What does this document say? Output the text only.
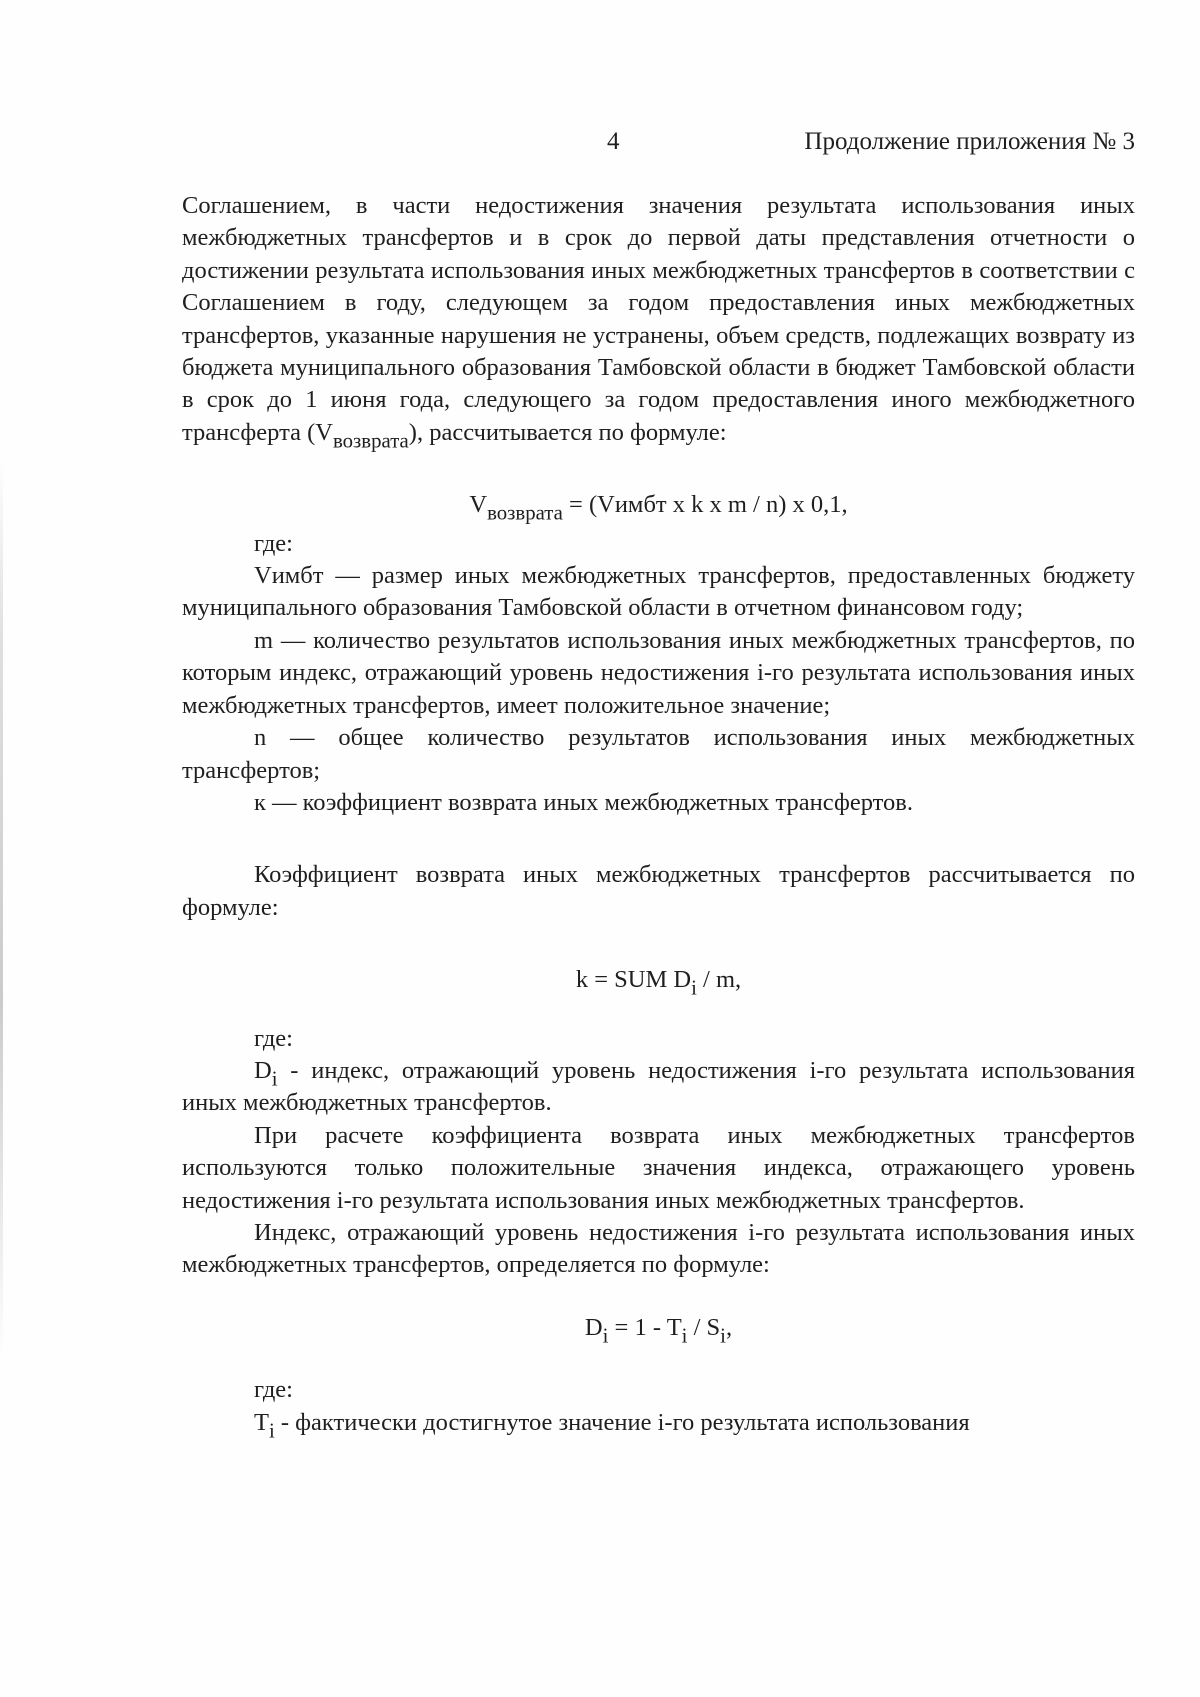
4	Продолжение приложения № 3

Соглашением, в части недостижения значения результата использования иных межбюджетных трансфертов и в срок до первой даты представления отчетности о достижении результата использования иных межбюджетных трансфертов в соответствии с Соглашением в году, следующем за годом предоставления иных межбюджетных трансфертов, указанные нарушения не устранены, объем средств, подлежащих возврату из бюджета муниципального образования Тамбовской области в бюджет Тамбовской области в срок до 1 июня года, следующего за годом предоставления иного межбюджетного трансферта $(V_{возврата})$, рассчитывается по формуле:

$V_{возврата}$ = (Vимбт x k x m / n) x 0,1,

где:

Vимбт — размер иных межбюджетных трансфертов, предоставленных бюджету муниципального образования Тамбовской области в отчетном финансовом году;

m — количество результатов использования иных межбюджетных трансфертов, по которым индекс, отражающий уровень недостижения i-го результата использования иных межбюджетных трансфертов, имеет положительное значение;

n — общее количество результатов использования иных межбюджетных трансфертов;

к — коэффициент возврата иных межбюджетных трансфертов.

Коэффициент возврата иных межбюджетных трансфертов рассчитывается по формуле:

k = SUM $D_i$ / m,

где:

$D_i$ - индекс, отражающий уровень недостижения i-го результата использования иных межбюджетных трансфертов.

При расчете коэффициента возврата иных межбюджетных трансфертов используются только положительные значения индекса, отражающего уровень недостижения i-го результата использования иных межбюджетных трансфертов.

Индекс, отражающий уровень недостижения i-го результата использования иных межбюджетных трансфертов, определяется по формуле:

$D_i = 1 - T_i / S_i$,

где:

$T_i$ - фактически достигнутое значение i-го результата использования
